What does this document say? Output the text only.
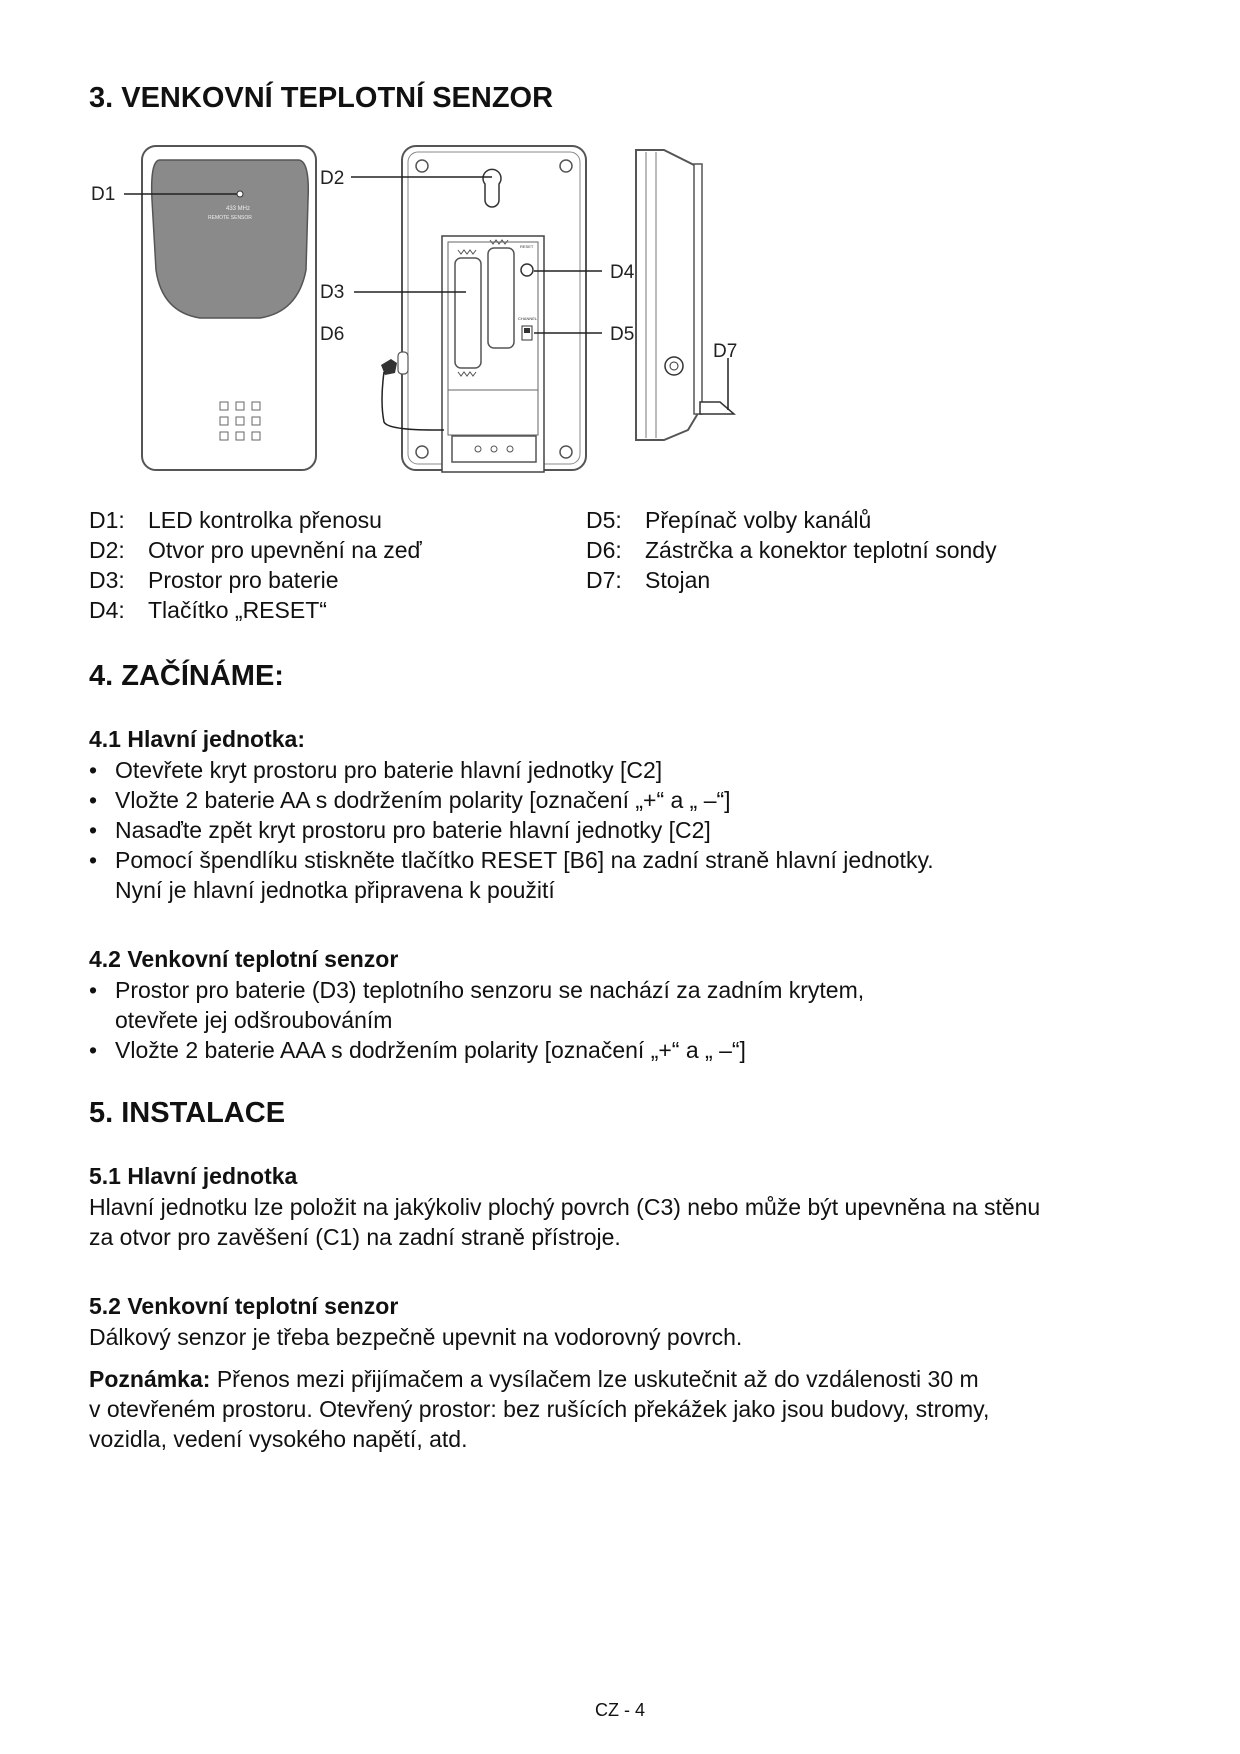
3. VENKOVNÍ TEPLOTNÍ SENZOR
433 MHz
REMOTE SENSOR
D1
RESET
CHANNEL
D2
D3
D4
D5
D6
D7
D1:	LED kontrolka přenosu
D2:	Otvor pro upevnění na zeď
D3:	Prostor pro baterie
D4:	Tlačítko „RESET“
D5:	Přepínač volby kanálů
D6:	Zástrčka a konektor teplotní sondy
D7:	Stojan
4. ZAČÍNÁME:
4.1 Hlavní jednotka:
• Otevřete kryt prostoru pro baterie hlavní jednotky [C2]
• Vložte 2 baterie AA s dodržením polarity [označení „+“ a „ –“]
• Nasaďte zpět kryt prostoru pro baterie hlavní jednotky [C2]
• Pomocí špendlíku stiskněte tlačítko RESET [B6] na zadní straně hlavní jednotky.
Nyní je hlavní jednotka připravena k použití
4.2 Venkovní teplotní senzor
• Prostor pro baterie (D3) teplotního senzoru se nachází za zadním krytem,
otevřete jej odšroubováním
• Vložte 2 baterie AAA s dodržením polarity [označení „+“ a „ –“]
5. INSTALACE
5.1 Hlavní jednotka

Hlavní jednotku lze položit na jakýkoliv plochý povrch (C3) nebo může být upevněna na stěnu
za otvor pro zavěšení (C1) na zadní straně přístroje.

5.2 Venkovní teplotní senzor

Dálkový senzor je třeba bezpečně upevnit na vodorovný povrch.

Poznámka: Přenos mezi přijímačem a vysílačem lze uskutečnit až do vzdálenosti 30 m
v otevřeném prostoru. Otevřený prostor: bez rušících překážek jako jsou budovy, stromy,
vozidla, vedení vysokého napětí, atd.

CZ - 4
